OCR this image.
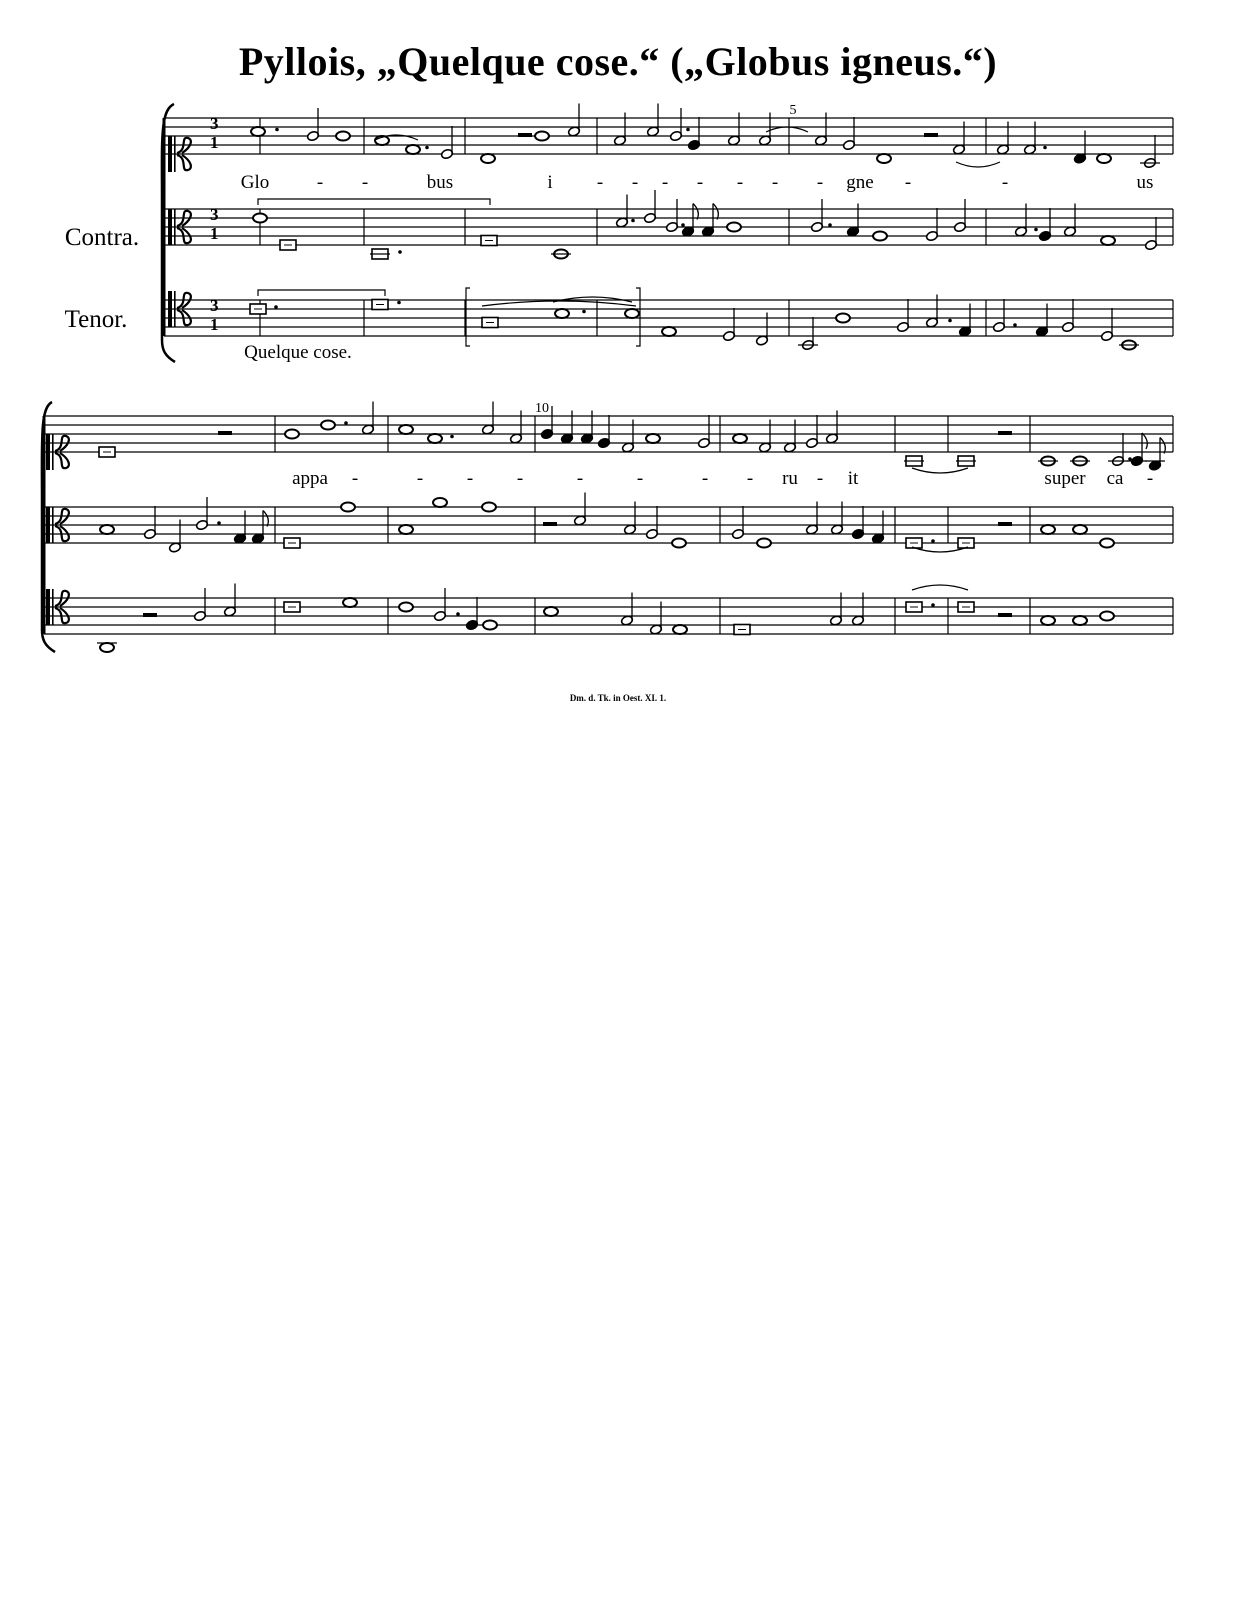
Pyllois, „Quelque cose.“ („Globus igneus.“)
3
1
3
1
3
1
5
Glo	- -	bus	i - - - - - - - gne -	-	us
Quelque cose.
10
appa -	- - -	-	-	- - ru - it	super ca -
Contra.
Tenor.
Dm. d. Tk. in Oest. XI. 1.
